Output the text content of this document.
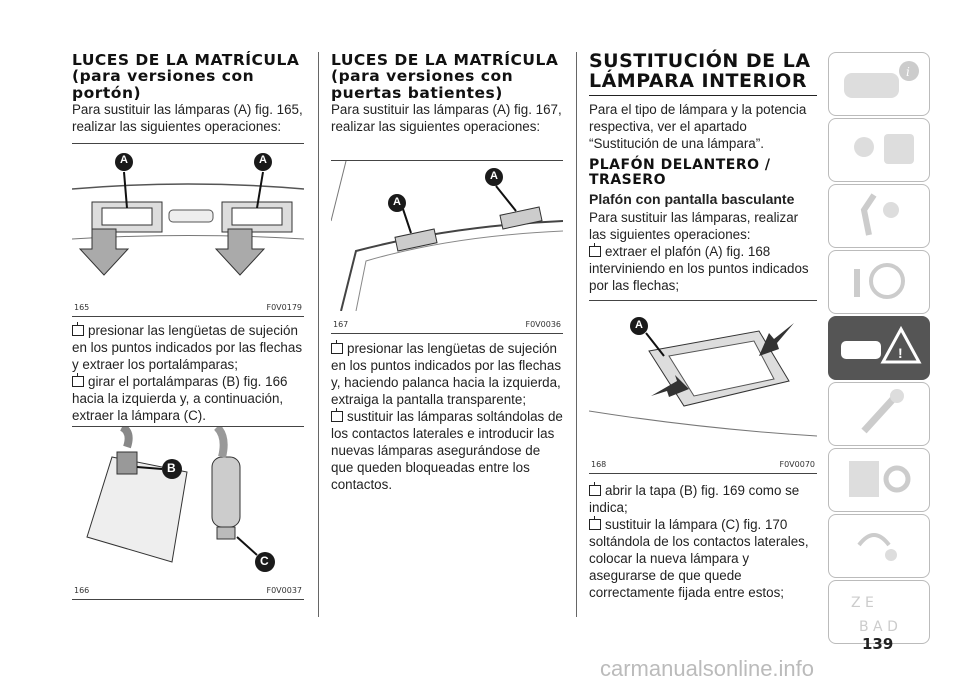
LUCES DE LA MATRÍCULA (para versiones con portón)

Para sustituir las lámparas (A) fig. 165, realizar las siguientes operaciones:

A	A
165	F0V0179

presionar las lengüetas de sujeción en los puntos indicados por las flechas y extraer los portalámparas;

girar el portalámparas (B) fig. 166 hacia la izquierda y, a continuación, extraer la lámpara (C).

B
C
166	F0V0037
LUCES DE LA MATRÍCULA (para versiones con puertas batientes)

Para sustituir las lámparas (A) fig. 167, realizar las siguientes operaciones:

A
A
167	F0V0036

presionar las lengüetas de sujeción en los puntos indicados por las flechas y, haciendo palanca hacia la izquierda, extraiga la pantalla transparente;

sustituir las lámparas soltándolas de los contactos laterales e introducir las nuevas lámparas asegurándose de que queden bloqueadas entre los contactos.

SUSTITUCIÓN DE LA LÁMPARA INTERIOR

Para el tipo de lámpara y la potencia respectiva, ver el apartado “Sustitución de una lámpara”.

PLAFÓN DELANTERO / TRASERO
Plafón con pantalla basculante

Para sustituir las lámparas, realizar las siguientes operaciones:

extraer el plafón (A) fig. 168 interviniendo en los puntos indicados por las flechas;

A
168	F0V0070

abrir la tapa (B) fig. 169 como se indica;

sustituir la lámpara (C) fig. 170 soltándola de los contactos laterales, colocar la nueva lámpara y asegurarse de que quede correctamente fijada entre estos;

i
!
Z E
B A D
139
carmanualsonline.info
